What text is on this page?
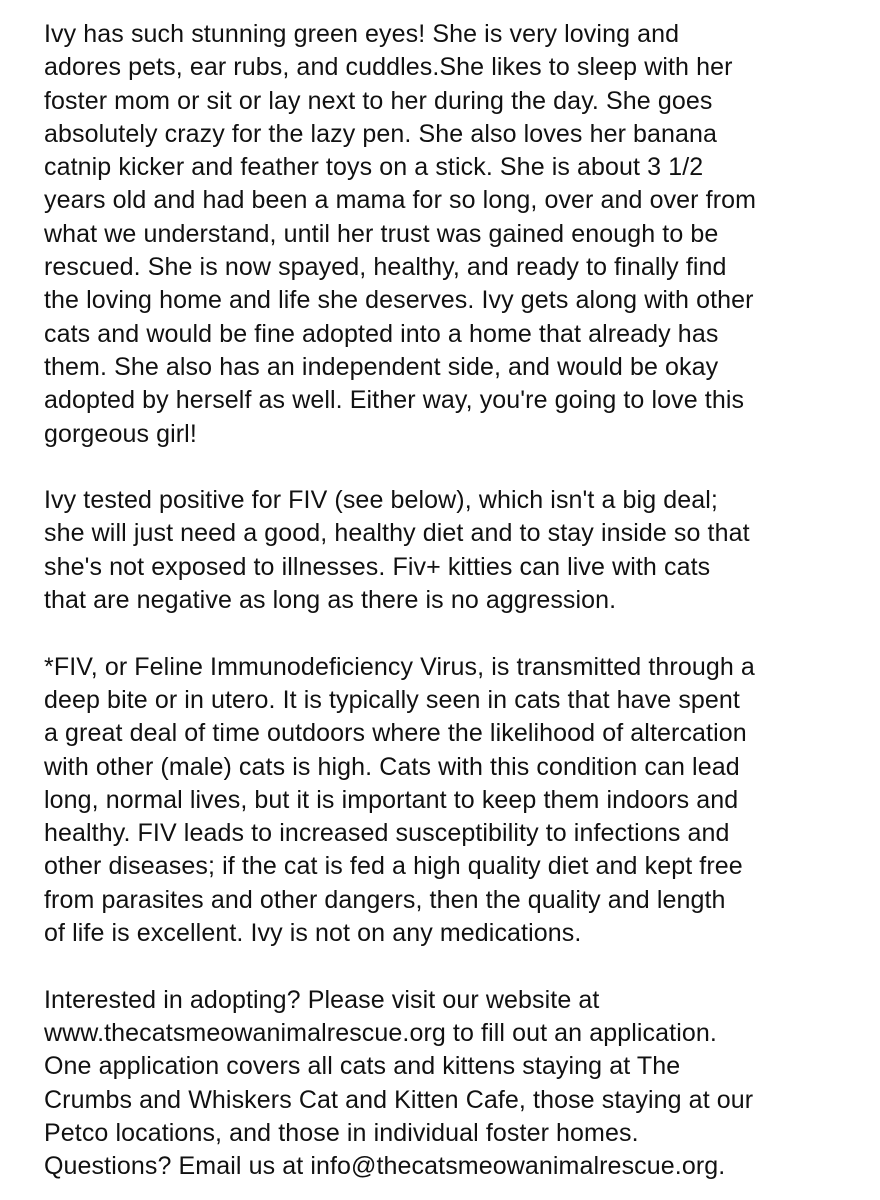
Ivy has such stunning green eyes! She is very loving and
adores pets, ear rubs, and cuddles.She likes to sleep with her
foster mom or sit or lay next to her during the day. She goes
absolutely crazy for the lazy pen. She also loves her banana
catnip kicker and feather toys on a stick. She is about 3 1/2
years old and had been a mama for so long, over and over from
what we understand, until her trust was gained enough to be
rescued. She is now spayed, healthy, and ready to finally find
the loving home and life she deserves. Ivy gets along with other
cats and would be fine adopted into a home that already has
them. She also has an independent side, and would be okay
adopted by herself as well. Either way, you're going to love this
gorgeous girl!

Ivy tested positive for FIV (see below), which isn't a big deal;
she will just need a good, healthy diet and to stay inside so that
she's not exposed to illnesses. Fiv+ kitties can live with cats
that are negative as long as there is no aggression.

*FIV, or Feline Immunodeficiency Virus, is transmitted through a
deep bite or in utero. It is typically seen in cats that have spent
a great deal of time outdoors where the likelihood of altercation
with other (male) cats is high. Cats with this condition can lead
long, normal lives, but it is important to keep them indoors and
healthy. FIV leads to increased susceptibility to infections and
other diseases; if the cat is fed a high quality diet and kept free
from parasites and other dangers, then the quality and length
of life is excellent. Ivy is not on any medications.

Interested in adopting? Please visit our website at
www.thecatsmeowanimalrescue.org to fill out an application.
One application covers all cats and kittens staying at The
Crumbs and Whiskers Cat and Kitten Cafe, those staying at our
Petco locations, and those in individual foster homes.
Questions? Email us at info@thecatsmeowanimalrescue.org.
